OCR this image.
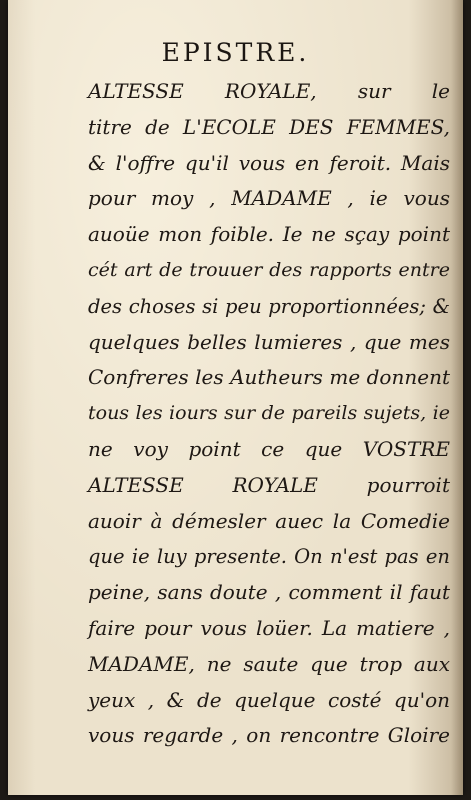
EPISTRE.
ALTESSE ROYALE, sur le
titre de L'ECOLE DES FEMMES,
& l'offre qu'il vous en feroit. Mais
pour moy , MADAME , ie vous
auoüe mon foible. Ie ne sçay point
cét art de trouuer des rapports entre
des choses si peu proportionnées; &
quelques belles lumieres , que mes
Confreres les Autheurs me donnent
tous les iours sur de pareils sujets, ie
ne voy point ce que VOSTRE
ALTESSE ROYALE pourroit
auoir à démesler auec la Comedie
que ie luy presente. On n'est pas en
peine, sans doute , comment il faut
faire pour vous loüer. La matiere ,
MADAME, ne saute que trop aux
yeux , & de quelque costé qu'on
vous regarde , on rencontre Gloire
